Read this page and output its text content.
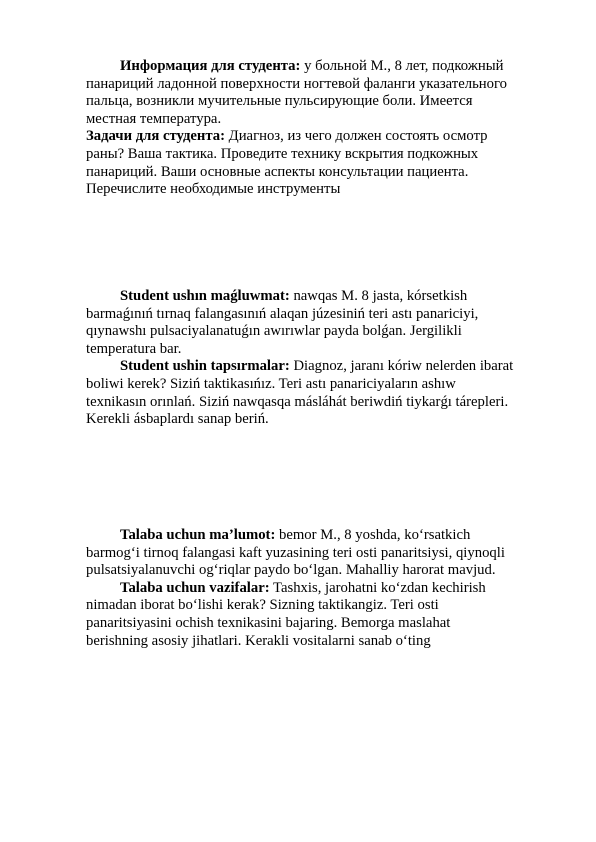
Информация для студента: у больной М., 8 лет, подкожный
панариций ладонной поверхности ногтевой фаланги указательного
пальца, возникли мучительные пульсирующие боли. Имеется
местная температура.
Задачи для студента: Диагноз, из чего должен состоять осмотр
раны? Ваша тактика. Проведите технику вскрытия подкожных
панариций. Ваши основные аспекты консультации пациента.
Перечислите необходимые инструменты
Student ushın maǵluwmat: nawqas M. 8 jasta, kórsetkish
barmaǵınıń tırnaq falangasınıń alaqan júzesiniń teri astı panariciyi,
qıynawshı pulsaciyalanatuǵın awırıwlar payda bolǵan. Jergilikli
temperatura bar.
Student ushin tapsırmalar: Diagnoz, jaranı kóriw nelerden ibarat
boliwi kerek? Siziń taktikasıńız. Teri astı panariciyaların ashıw
texnikasın orınlań. Siziń nawqasqa másláhát beriwdiń tiykarǵı tárepleri.
Kerekli ásbaplardı sanap beriń.
Talaba uchun ma’lumot: bemor M., 8 yoshda, ko‘rsatkich
barmog‘i tirnoq falangasi kaft yuzasining teri osti panaritsiysi, qiynoqli
pulsatsiyalanuvchi og‘riqlar paydo bo‘lgan. Mahalliy harorat mavjud.
Talaba uchun vazifalar: Tashxis, jarohatni ko‘zdan kechirish
nimadan iborat bo‘lishi kerak? Sizning taktikangiz. Teri osti
panaritsiyasini ochish texnikasini bajaring. Bemorga maslahat
berishning asosiy jihatlari. Kerakli vositalarni sanab o‘ting
